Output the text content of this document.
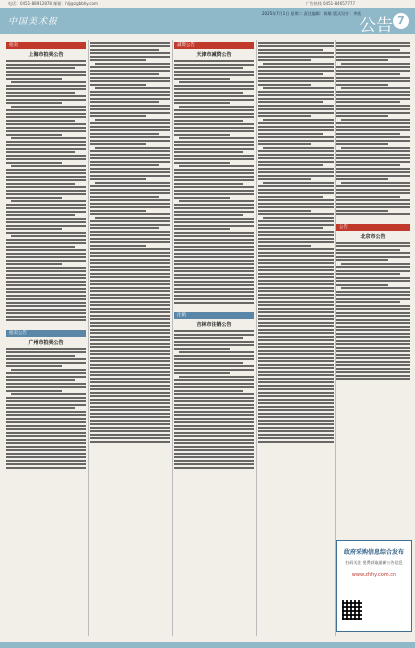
电话：0451-88912878 邮箱：hlj@zgbbhy.com	广告热线 0451-84657777
中国美术报
2025年7月1日 星期二 责任编辑：陈敏 版式设计：李欣
公告 7
拍卖
上海市拍卖公告
拍卖公告
广州市拍卖公告
减资公告
天津市减资公告
注销
吉林市注销公告
公告
北京市公告
政府采购信息综合发布
扫码关注 免费获取最新公告信息
www.zhhy.com.cn
